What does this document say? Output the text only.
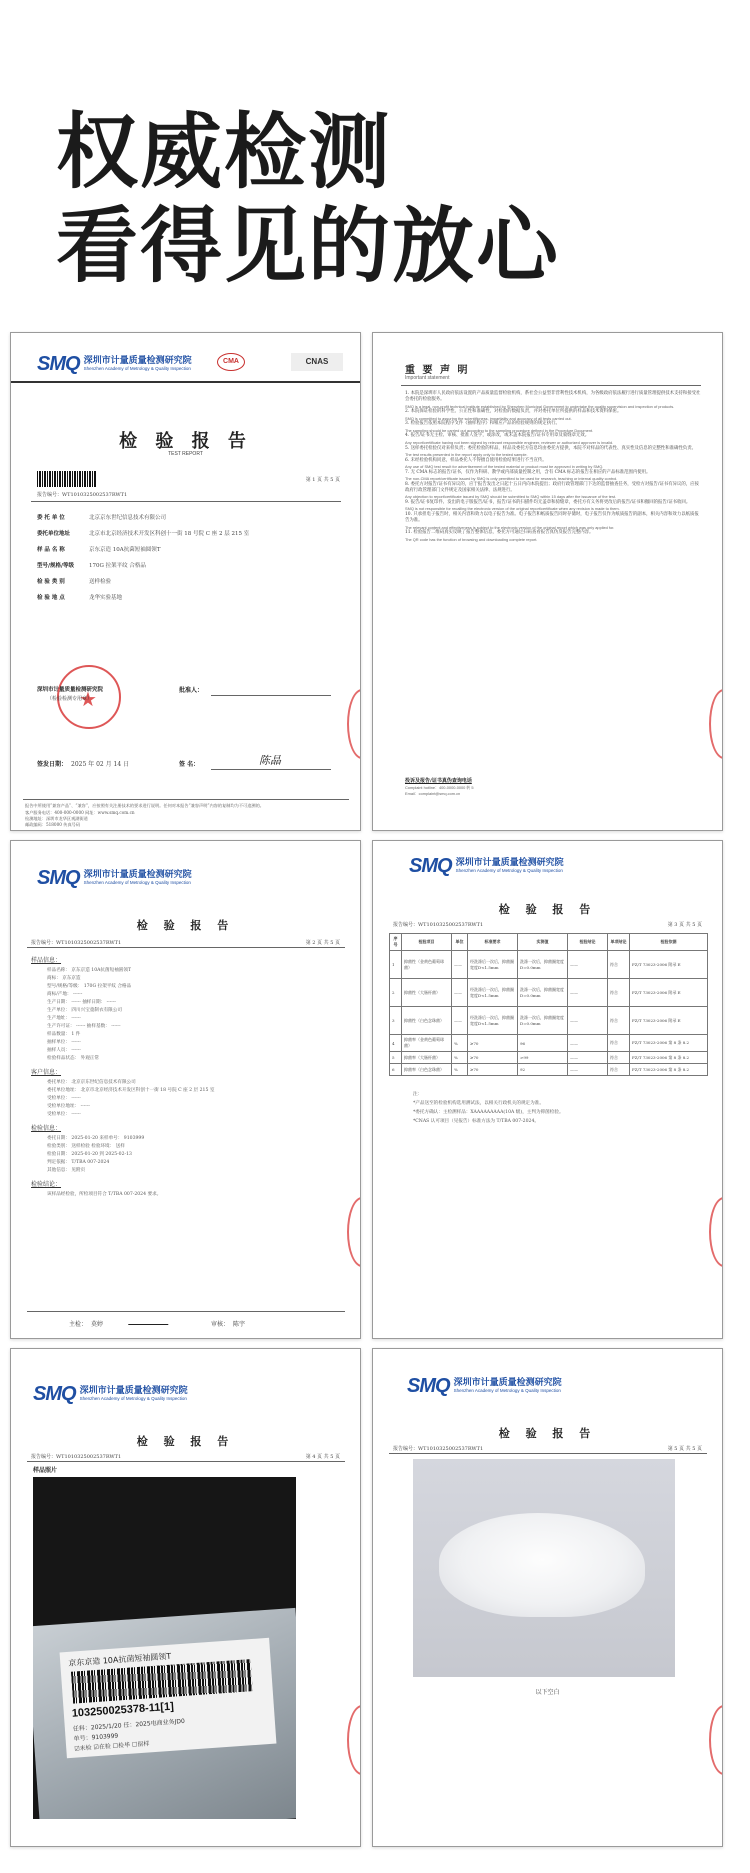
权威检测
看得见的放心
SMQ 深圳市计量质量检测研究院
Shenzhen Academy of Metrology & Quality Inspection
CMA	CNAS
检 验 报 告
TEST REPORT
第 1 页 共 5 页
报告编号：WT1010325002537RWT1
委 托 单 位	北京京东世纪信息技术有限公司
委托单位地址	北京市北京经济技术开发区科创十一街 18 号院 C 座 2 层 215 室
样 品 名 称	京东京造 10A抗菌短袖圆领T
型号/规格/等级	170G 拉架平纹 合格品
检 验 类 别	送样检验
检 验 地 点	龙华实验基地
★
深圳市计量质量检测研究院
（检验检测专用章）
批准人：
陈晶
签发日期： 2025 年 02 月 14 日	签 名：
报告中所使用“兼容产品”、“兼容”，应按照有关注册技术的要求进行说明。任何对本报告“兼容声明”内容的复制均为不可追溯的。
客户服务电话：400-000-0000 网址：www.smq.com.cn
检测地址：深圳市龙华区观湖街道
邮政编码：518000 传真号码
重 要 声 明
Important statement
1. 本院是深圳市人民政府依法设置的产品质量监督检验机构，系社会公益型非营利性技术机构，为各级政府依法履行进行质量管理提供技术支持和接受社会委托的检验服务。
SMQ is a legal, non-profit technical institute established by Shenzhen Municipal Government to undertake the quality supervision and inspection of products.
2. 本院保证检验的科学性、公正性和准确性，对检验的数据负责，并对委托单位所提供的样品和技术资料保密。
SMQ is committed to assuring the scientificness, impartiality and accuracy of all tests carried out.
3. 检验报告依照本院程序文件《抽样程序》和相应产品的检验规则的规定执行。
The sampling should be carried out according to the sampling procedure defined in the Procedure Document.
4. 报告/证书无主检、审核、批准人签字，或涂改，或未盖本院报告/证书专用章及骑缝章无效。
Any report/certificate having not been signed by relevant responsible engineer, reviewer or authorized approver is invalid.
5. 送样委托检验仅对来样负责；委托检验的样品，样品及委托方信息均由委托方提供，本院不对样品的代表性、真实性及信息的完整性和准确性负责。
The test results presented in the report apply only to the tested sample.
6. 未经检验机构同意，样品委托人不得擅自使用检验结果进行不当宣传。
Any use of SMQ test result for advertisement of the tested material or product must be approved in writing by SMQ.
7. 无 CMA 标志的报告/证书，仅作为科研、教学或内部质量控制之用，含有 CMA 标志的报告在相应的产品标准范围内使用。
The non-CMA report/certificate issued by SMQ is only permitted to be used for research, teaching or internal quality control.
8. 委托方对报告/证书有异议的，应于报告发出之日起十五日内向本院提出；政府行政管理部门下达的监督抽查任务，受检方对报告/证书有异议的，应按政府行政管理部门文件规定及国家相关法律、法规进行。
Any objection to report/certificate issued by SMQ should be submitted to SMQ within 15 days after the issuance of the test.
9. 报告/证书复印件、发出的电子版报告/证书，报告/证书的扫描件均无盖章和骑缝章，委托方有义务将更改后的报告/证书和撤回的报告/证书收回。
SMQ is not responsible for recalling the electronic version of the original report/certificate when any revision is made to them.
10. 只承担电子报告时，相关内容和效力以电子报告为准。电子报告和纸质报告同时存储时，电子报告仅作为纸质报告的副本，相关内容和效力以纸质报告为准。
The relevant content and effectiveness is subject to the electronic version of the original report which was only applied for.
11. 检验报告二维码真实反映了报告整体信息，委托方可通过扫码查看报告真伪及报告完整内容。
The QR code has the function of browsing and downloading complete report.
投诉及报告/证书真伪查询电话
Complaint hotline：400-0000-0000 转 5
Email：complaint@smq.com.cn
SMQ 深圳市计量质量检测研究院
Shenzhen Academy of Metrology & Quality Inspection
检 验 报 告
报告编号：WT1010325002537RWT1	第 2 页 共 5 页
样品信息：
样品名称： 京东京造 10A抗菌短袖圆领T
商标： 京东京造
型号/规格/等级： 170G 拉架平纹 合格品
商标/产地： ------
生产日期： ------ 抽样日期： ------
生产单位： 四川兴宝童制衣有限公司
生产地址： ------
生产许可证： ------ 抽样基数： ------
样品数量： 1 件
抽样单位： ------
抽样人员： ------
检验样品状态： 外观正常
客户信息：
委托单位： 北京京东世纪信息技术有限公司
委托单位地址： 北京市北京经济技术开发区科创十一街 18 号院 C 座 2 层 215 室
受检单位： ------
受检单位地址： ------
受检单位： ------
检验信息：
委托日期： 2025-01-20 来样单号： 9103999
检验类别： 送样检验 检验环境： 送样
检验日期： 2025-01-20 到 2025-02-13
判定依据： T/TBA 007-2024
其他信息： 见附页
检验结论：
该样品经检验，所检项目符合 T/TBA 007-2024 要求。
主检： 莫婷	审核： 陈宇
SMQ 深圳市计量质量检测研究院
Shenzhen Academy of Metrology & Quality Inspection
检 验 报 告
报告编号：WT1010325002537RWT1	第 3 页 共 5 页
序号	检验项目	单位	标准要求	实测值	检验结论	单项结论	检验依据
1	抑菌性（金黄色葡萄球菌）	——	经洗涤后一次后，抑菌圈宽度D<1.5mm	洗涤一次后，抑菌圈宽度D=0.0mm	——	符合	FZ/T 73023-2006 附录 E
2	抑菌性（大肠杆菌）	——	经洗涤后一次后，抑菌圈宽度D<1.5mm	洗涤一次后，抑菌圈宽度D=0.0mm	——	符合	FZ/T 73023-2006 附录 E
3	抑菌性（白色念珠菌）	——	经洗涤后一次后，抑菌圈宽度D<1.5mm	洗涤一次后，抑菌圈宽度D=0.0mm	——	符合	FZ/T 73023-2006 附录 E
4	抑菌率（金黄色葡萄球菌）	%	≥70	96	——	符合	FZ/T 73023-2006 第 8 条 8.2
5	抑菌率（大肠杆菌）	%	≥70	>99	——	符合	FZ/T 73023-2006 第 8 条 8.2
6	抑菌率（白色念珠菌）	%	≥70	92	——	符合	FZ/T 73023-2006 第 8 条 8.2
注：
*产品送至的检验机构选用测试法，以相关行政机关的规定为准。
*委托方确认：主检测样品：XAAAAAAAAA(10A 级)，主判为抑菌检验。
*CNAS 认可项目（见报告）标准方法为 T/TBA 007-2024。
SMQ 深圳市计量质量检测研究院
Shenzhen Academy of Metrology & Quality Inspection
检 验 报 告
报告编号：WT1010325002537RWT1	第 4 页 共 5 页
样品照片
京东京造 10A抗菌短袖圆领T
103250025378-11[1]
任料：2025/1/20 任：2025电商业务JD0
单号：9103999
☑未检 ☑在检 ☐检毕 ☐留样
SMQ 深圳市计量质量检测研究院
Shenzhen Academy of Metrology & Quality Inspection
检 验 报 告
报告编号：WT1010325002537RWT1	第 5 页 共 5 页
以下空白
